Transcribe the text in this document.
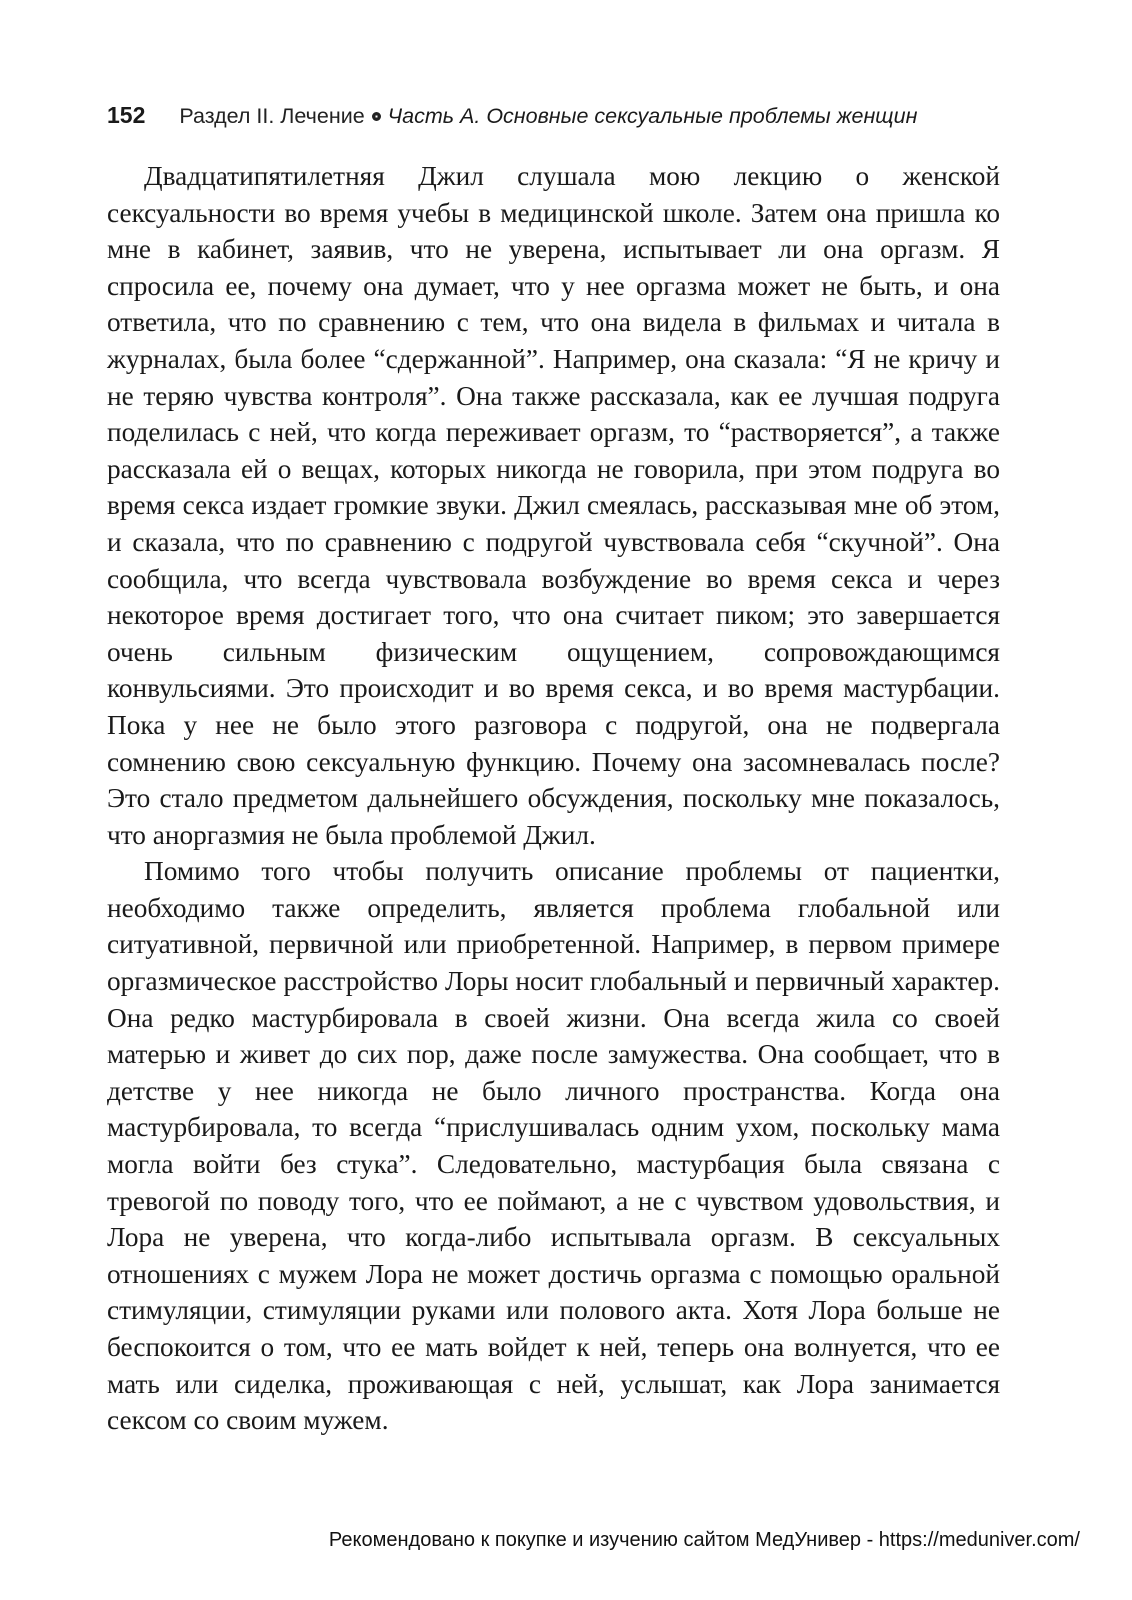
152 Раздел II. Лечение Часть А. Основные сексуальные проблемы женщин

Двадцатипятилетняя Джил слушала мою лекцию о женской сексуальности во время учебы в медицинской школе. Затем она пришла ко мне в кабинет, заявив, что не уверена, испытывает ли она оргазм. Я спросила ее, почему она думает, что у нее оргазма может не быть, и она ответила, что по сравнению с тем, что она видела в фильмах и читала в журналах, была более “сдержанной”. Например, она сказала: “Я не кричу и не теряю чувства контроля”. Она также рассказала, как ее лучшая подруга поделилась с ней, что когда переживает оргазм, то “растворяется”, а также рассказала ей о вещах, которых никогда не говорила, при этом подруга во время секса издает громкие звуки. Джил смеялась, рассказывая мне об этом, и сказала, что по сравнению с подругой чувствовала себя “скучной”. Она сообщила, что всегда чувствовала возбуждение во время секса и через некоторое время достигает того, что она считает пиком; это завершается очень сильным физическим ощущением, сопровождающимся конвульсиями. Это происходит и во время секса, и во время мастурбации. Пока у нее не было этого разговора с подругой, она не подвергала сомнению свою сексуальную функцию. Почему она засомневалась после? Это стало предметом дальнейшего обсуждения, поскольку мне показалось, что аноргазмия не была проблемой Джил.

Помимо того чтобы получить описание проблемы от пациентки, необходимо также определить, является проблема глобальной или ситуативной, первичной или приобретенной. Например, в первом примере оргазмическое расстройство Лоры носит глобальный и первичный характер. Она редко мастурбировала в своей жизни. Она всегда жила со своей матерью и живет до сих пор, даже после замужества. Она сообщает, что в детстве у нее никогда не было личного пространства. Когда она мастурбировала, то всегда “прислушивалась одним ухом, поскольку мама могла войти без стука”. Следовательно, мастурбация была связана с тревогой по поводу того, что ее поймают, а не с чувством удовольствия, и Лора не уверена, что когда-либо испытывала оргазм. В сексуальных отношениях с мужем Лора не может достичь оргазма с помощью оральной стимуляции, стимуляции руками или полового акта. Хотя Лора больше не беспокоится о том, что ее мать войдет к ней, теперь она волнуется, что ее мать или сиделка, проживающая с ней, услышат, как Лора занимается сексом со своим мужем.

Рекомендовано к покупке и изучению сайтом МедУнивер - https://meduniver.com/
